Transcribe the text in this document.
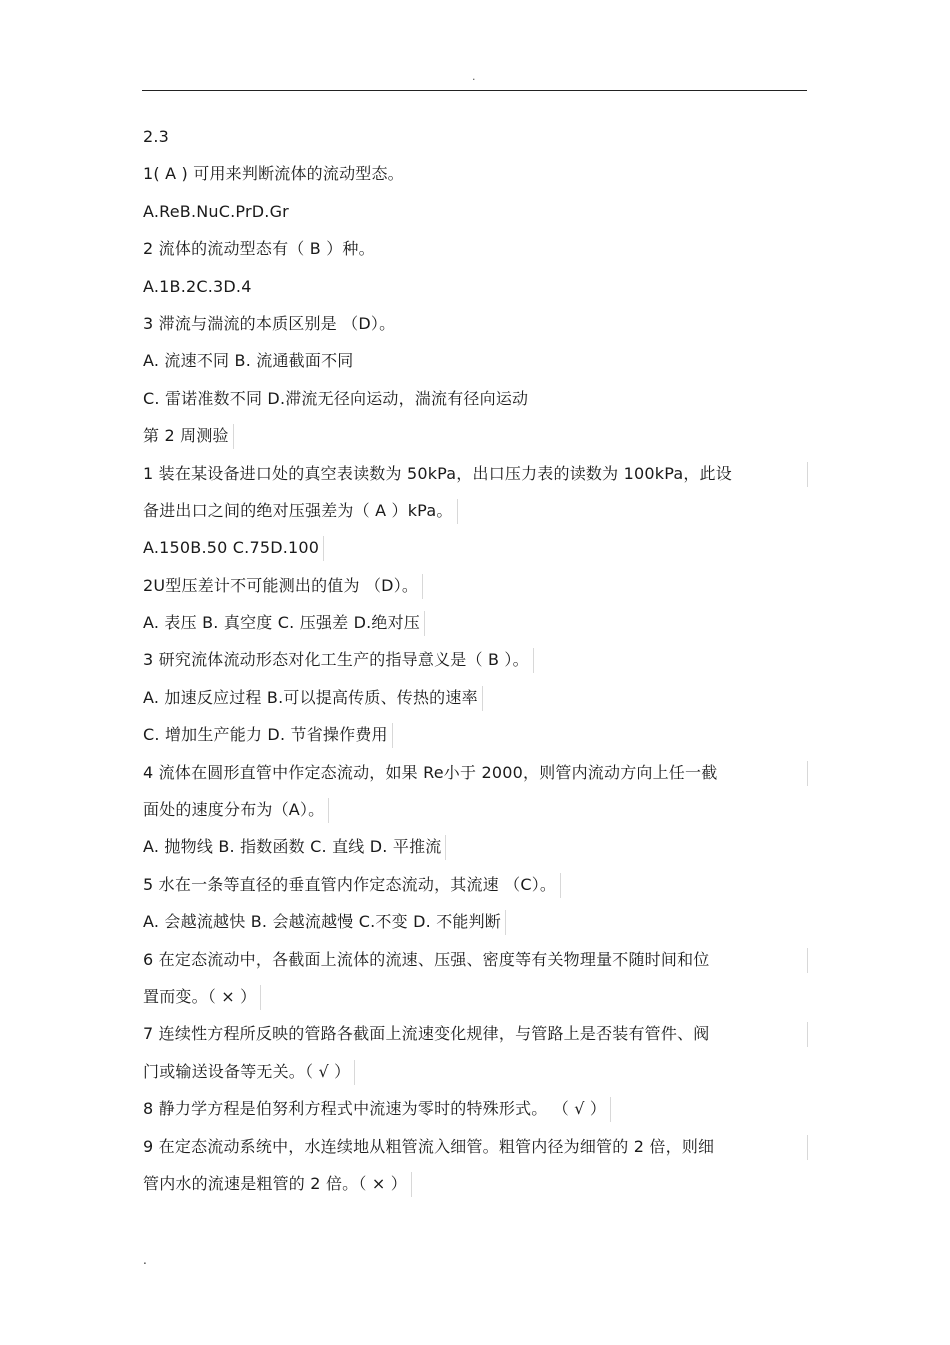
.
2.3
1( A ) 可用来判断流体的流动型态。
A.ReB.NuC.PrD.Gr
2 流体的流动型态有（ B ）种。
A.1B.2C.3D.4
3 滞流与湍流的本质区别是 （D）。
A. 流速不同 B. 流通截面不同
C. 雷诺准数不同 D.滞流无径向运动，湍流有径向运动
第 2 周测验
1 装在某设备进口处的真空表读数为 50kPa，出口压力表的读数为 100kPa，此设
备进出口之间的绝对压强差为（ A ）kPa。
A.150B.50 C.75D.100
2U型压差计不可能测出的值为 （D）。
A. 表压 B. 真空度 C. 压强差 D.绝对压
3 研究流体流动形态对化工生产的指导意义是（ B ）。
A. 加速反应过程 B.可以提高传质、传热的速率
C. 增加生产能力 D. 节省操作费用
4 流体在圆形直管中作定态流动，如果 Re小于 2000，则管内流动方向上任一截
面处的速度分布为（A）。
A. 抛物线 B. 指数函数 C. 直线 D. 平推流
5 水在一条等直径的垂直管内作定态流动，其流速 （C）。
A. 会越流越快 B. 会越流越慢 C.不变 D. 不能判断
6 在定态流动中，各截面上流体的流速、压强、密度等有关物理量不随时间和位
置而变。（ × ）
7 连续性方程所反映的管路各截面上流速变化规律，与管路上是否装有管件、阀
门或输送设备等无关。（ √ ）
8 静力学方程是伯努利方程式中流速为零时的特殊形式。 （ √ ）
9 在定态流动系统中，水连续地从粗管流入细管。粗管内径为细管的 2 倍，则细
管内水的流速是粗管的 2 倍。（ × ）
.
